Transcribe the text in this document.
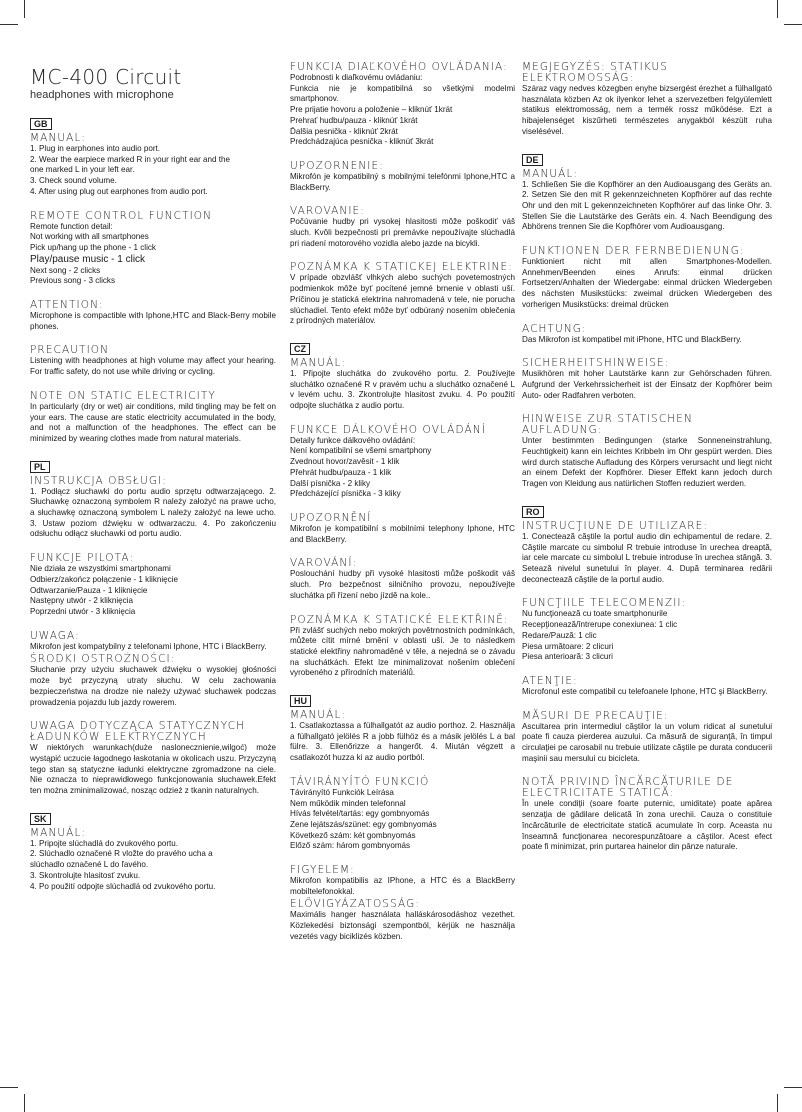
MC-400 Circuit
headphones with microphone
GB
MANUAL:
1. Plug in earphones into audio port.
2. Wear the earpiece marked R in your right ear and the
one marked L in your left ear.
3. Check sound volume.
4. After using plug out earphones from audio port.
REMOTE CONTROL FUNCTION
Remote function detail:
Not working with all smartphones
Pick up/hang up the phone - 1 click
Play/pause music - 1 click
Next song - 2 clicks
Previous song - 3 clicks
ATTENTION:
Microphone is compactible with Iphone,HTC and Black-Berry mobile phones.
PRECAUTION
Listening with headphones at high volume may affect your hearing. For traffic safety, do not use while driving or cycling.
NOTE ON STATIC ELECTRICITY
In particularly (dry or wet) air conditions, mild tingling may be felt on your ears. The cause are static electricity accumulated in the body, and not a malfunction of the headphones. The effect can be minimized by wearing clothes made from natural materials.
PL
INSTRUKCJA OBSŁUGI:
1. Podłącz słuchawki do portu audio sprzętu odtwarzającego. 2. Słuchawkę oznaczoną symbolem R należy założyć na prawe ucho, a słuchawkę oznaczoną symbolem L należy założyć na lewe ucho. 3. Ustaw poziom dźwięku w odtwarzaczu. 4. Po zakończeniu odsłuchu odłącz słuchawki od portu audio.
FUNKCJE PILOTA:
Nie działa ze wszystkimi smartphonami
Odbierz/zakończ połączenie - 1 kliknięcie
Odtwarzanie/Pauza - 1 kliknięcie
Następny utwór - 2 kliknięcia
Poprzedni utwór - 3 kliknięcia
UWAGA:
Mikrofon jest kompatybilny z telefonami Iphone, HTC i BlackBerry.
ŚRODKI OSTROŻNOŚCI:
Słuchanie przy użyciu słuchawek dźwięku o wysokiej głośności może być przyczyną utraty słuchu. W celu zachowania bezpieczeństwa na drodze nie należy używać słuchawek podczas prowadzenia pojazdu lub jazdy rowerem.
UWAGA DOTYCZĄCA STATYCZNYCH ŁADUNKÓW ELEKTRYCZNYCH
W niektórych warunkach(duże naslonecznienie,wilgoć) może wystąpić uczucie łagodnego łaskotania w okolicach uszu. Przyczyną tego stan są statyczne ładunki elektryczne zgromadzone na ciele. Nie oznacza to nieprawidłowego funkcjonowania słuchawek.Efekt ten można zminimalizować, nosząc odzież z tkanin naturalnych.
SK
MANUÁL:
1. Pripojte slúchadlá do zvukového portu.
2. Slúchadlo označené R vložte do pravého ucha a
slúchadlo označené L do ľavého.
3. Skontrolujte hlasitosť zvuku.
4. Po použití odpojte slúchadlá od zvukového portu.
FUNKCIA DIAĽKOVÉHO OVLÁDANIA:
Podrobnosti k diaľkovému ovládaniu:
Funkcia nie je kompatibilná so všetkými modelmi smartphonov.
Pre prijatie hovoru a položenie – kliknúť 1krát
Prehrať hudbu/pauza - kliknúť 1krát
Ďalšia pesnička - kliknúť 2krát
Predchádzajúca pesnička - kliknúť 3krát
UPOZORNENIE:
Mikrofón je kompatibilný s mobilnými telefónmi Iphone,HTC a BlackBerry.
VAROVANIE:
Počúvanie hudby pri vysokej hlasitosti môže poškodiť váš sluch. Kvôli bezpečnosti pri premávke nepoužívajte slúchadlá pri riadení motorového vozidla alebo jazde na bicykli.
POZNÁMKA K STATICKEJ ELEKTRINE:
V prípade obzvlášť vlhkých alebo suchých povetemostných podmienkok môže byť pocítené jemné brnenie v oblasti uší. Príčinou je statická elektrina nahromadená v tele, nie porucha slúchadiel. Tento efekt môže byť odbúraný nosením oblečenia z prírodných materiálov.
CZ
MANUÁL:
1. Připojte sluchátka do zvukového portu. 2. Používejte sluchátko označené R v pravém uchu a sluchátko označené L v levém uchu. 3. Zkontrolujte hlasitost zvuku. 4. Po použití odpojte sluchátka z audio portu.
FUNKCE DÁLKOVÉHO OVLÁDÁNÍ
Detaily funkce dálkového ovládání:
Není kompatibilní se všemi smartphony
Zvednout hovor/zavěsit - 1 klik
Přehrát hudbu/pauza - 1 klik
Další písnička - 2 kliky
Předcházející písnička - 3 kliky
UPOZORNĚNÍ
Mikrofon je kompatibilní s mobilními telephony Iphone, HTC and BlackBerry.
VAROVÁNÍ:
Poslouchání hudby při vysoké hlasitosti může poškodit váš sluch. Pro bezpečnost silničního provozu, nepoužívejte sluchátka při řízení nebo jízdě na kole..
POZNÁMKA K STATICKÉ ELEKTŘINĚ:
Při zvlášť suchých nebo mokrých povětrnostních podmínkách, můžete cítit mírné brnění v oblasti uší. Je to následkem statické elektřiny nahromaděné v těle, a nejedná se o závadu na sluchátkách. Efekt lze minimalizovat nošením oblečení vyrobeného z přírodních materiálů.
HU
MANUÁL:
1. Csatlakoztassa a fülhallgatót az audio porthoz. 2. Használja a fülhallgató jelölés R a jobb fülhöz és a másik jelölés L a bal fülre. 3. Ellenőrizze a hangerőt. 4. Miután végzett a csatlakozót huzza ki az audio portból.
TÁVIRÁNYÍTÓ FUNKCIÓ
Távirányító Funkciók Leírása
Nem működik minden telefonnal
Hívás felvétel/tartás: egy gombnyomás
Zene lejátszás/szünet: egy gombnyomás
Következő szám: két gombnyomás
Előző szám: három gombnyomás
FIGYELEM:
Mikrofon kompatibilis az IPhone, a HTC és a BlackBerry mobiltelefonokkal.
ELŐVIGYÁZATOSSÁG:
Maximális hanger használata halláskárosodáshoz vezethet. Közlekedési biztonsági szempontból, kérjük ne használja vezetés vagy biciklizés közben.
MEGJEGYZÉS: STATIKUS ELEKTROMOSSÁG:
Száraz vagy nedves közegben enyhe bizsergést érezhet a fülhallgató használata közben Az ok ilyenkor lehet a szervezetben felgyülemlett statikus elektromosság, nem a termék rossz működése. Ezt a hibajelenséget kiszűrheti természetes anygakból készült ruha viselésével.
DE
MANUÁL:
1. Schließen Sie die Kopfhörer an den Audioausgang des Geräts an. 2. Setzen Sie den mit R gekennzeichneten Kopfhörer auf das rechte Ohr und den mit L gekennzeichneten Kopfhörer auf das linke Ohr. 3. Stellen Sie die Lautstärke des Geräts ein. 4. Nach Beendigung des Abhörens trennen Sie die Kopfhörer vom Audioausgang.
FUNKTIONEN DER FERNBEDIENUNG:
Funktioniert nicht mit allen Smartphones-Modellen. Annehmen/Beenden eines Anrufs: einmal drücken Fortsetzen/Anhalten der Wiedergabe: einmal drücken Wiedergeben des nächsten Musikstücks: zweimal drücken Wiedergeben des vorherigen Musikstücks: dreimal drücken
ACHTUNG:
Das Mikrofon ist kompatibel mit iPhone, HTC und BlackBerry.
SICHERHEITSHINWEISE:
Musikhören mit hoher Lautstärke kann zur Gehörschaden führen. Aufgrund der Verkehrssicherheit ist der Einsatz der Kopfhörer beim Auto- oder Radfahren verboten.
HINWEISE ZUR STATISCHEN AUFLADUNG:
Unter bestimmten Bedingungen (starke Sonneneinstrahlung, Feuchtigkeit) kann ein leichtes Kribbeln im Ohr gespürt werden. Dies wird durch statische Aufladung des Körpers verursacht und liegt nicht an einem Defekt der Kopfhörer. Dieser Effekt kann jedoch durch Tragen von Kleidung aus natürlichen Stoffen reduziert werden.
RO
INSTRUCŢIUNE DE UTILIZARE:
1. Conectează căştile la portul audio din echipamentul de redare. 2. Căştile marcate cu simbolul R trebuie introduse în urechea dreaptă, iar cele marcate cu simbolul L trebuie introduse în urechea stângă. 3. Setează nivelul sunetului în player. 4. După terminarea redării deconectează căştile de la portul audio.
FUNCŢIILE TELECOMENZII:
Nu funcţionează cu toate smartphonurile
Recepţionează/întrerupe conexiunea: 1 clic
Redare/Pauză: 1 clic
Piesa următoare: 2 clicuri
Piesa anterioară: 3 clicuri
ATENŢIE:
Microfonul este compatibil cu telefoanele Iphone, HTC şi BlackBerry.
MĂSURI DE PRECAUŢIE:
Ascultarea prin intermediul căştilor la un volum ridicat al sunetului poate fi cauza pierderea auzului. Ca măsură de siguranţă, în timpul circulaţiei pe carosabil nu trebuie utilizate căştile pe durata conducerii maşinii sau mersului cu bicicleta.
NOTĂ PRIVIND ÎNCĂRCĂTURILE DE ELECTRICITATE STATICĂ:
În unele condiţii (soare foarte puternic, umiditate) poate apărea senzaţia de gâdilare delicată în zona urechii. Cauza o constituie încărcăturile de electricitate statică acumulate în corp. Aceasta nu înseamnă funcţionarea necorespunzătoare a căştilor. Acest efect poate fi minimizat, prin purtarea hainelor din pânze naturale.
